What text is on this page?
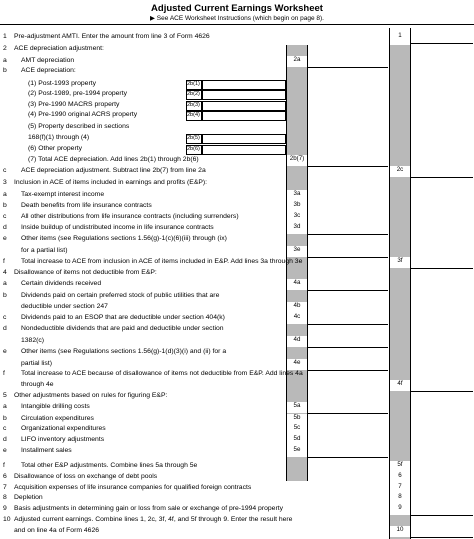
Adjusted Current Earnings Worksheet
▶ See ACE Worksheet Instructions (which begin on page 8).
1	Pre-adjustment AMTI. Enter the amount from line 3 of Form 4626	1
2	ACE depreciation adjustment:
a	AMT depreciation	2a
b	ACE depreciation:
(1) Post-1993 property	2b(1)
(2) Post-1989, pre-1994 property	2b(2)
(3) Pre-1990 MACRS property	2b(3)
(4) Pre-1990 original ACRS property	2b(4)
(5) Property described in sections
168(f)(1) through (4)	2b(5)
(6) Other property	2b(6)
(7) Total ACE depreciation. Add lines 2b(1) through 2b(6)	2b(7)
c	ACE depreciation adjustment. Subtract line 2b(7) from line 2a	2c
3	Inclusion in ACE of items included in earnings and profits (E&P):
a	Tax-exempt interest income	3a
b	Death benefits from life insurance contracts	3b
c	All other distributions from life insurance contracts (including surrenders)	3c
d	Inside buildup of undistributed income in life insurance contracts	3d
e	Other items (see Regulations sections 1.56(g)-1(c)(6)(iii) through (ix)
for a partial list)	3e
f	Total increase to ACE from inclusion in ACE of items included in E&P. Add lines 3a through 3e	3f
4	Disallowance of items not deductible from E&P:
a	Certain dividends received	4a
b	Dividends paid on certain preferred stock of public utilities that are
deductible under section 247	4b
c	Dividends paid to an ESOP that are deductible under section 404(k)	4c
d	Nondeductible dividends that are paid and deductible under section
1382(c)	4d
e	Other items (see Regulations sections 1.56(g)-1(d)(3)(i) and (ii) for a
partial list)	4e
f	Total increase to ACE because of disallowance of items not deductible from E&P. Add lines 4a
through 4e	4f
5	Other adjustments based on rules for figuring E&P:
a	Intangible drilling costs	5a
b	Circulation expenditures	5b
c	Organizational expenditures	5c
d	LIFO inventory adjustments	5d
e	Installment sales	5e
f	Total other E&P adjustments. Combine lines 5a through 5e	5f
6	Disallowance of loss on exchange of debt pools	6
7	Acquisition expenses of life insurance companies for qualified foreign contracts	7
8	Depletion	8
9	Basis adjustments in determining gain or loss from sale or exchange of pre-1994 property	9
10 Adjusted current earnings. Combine lines 1, 2c, 3f, 4f, and 5f through 9. Enter the result here
and on line 4a of Form 4626	10
